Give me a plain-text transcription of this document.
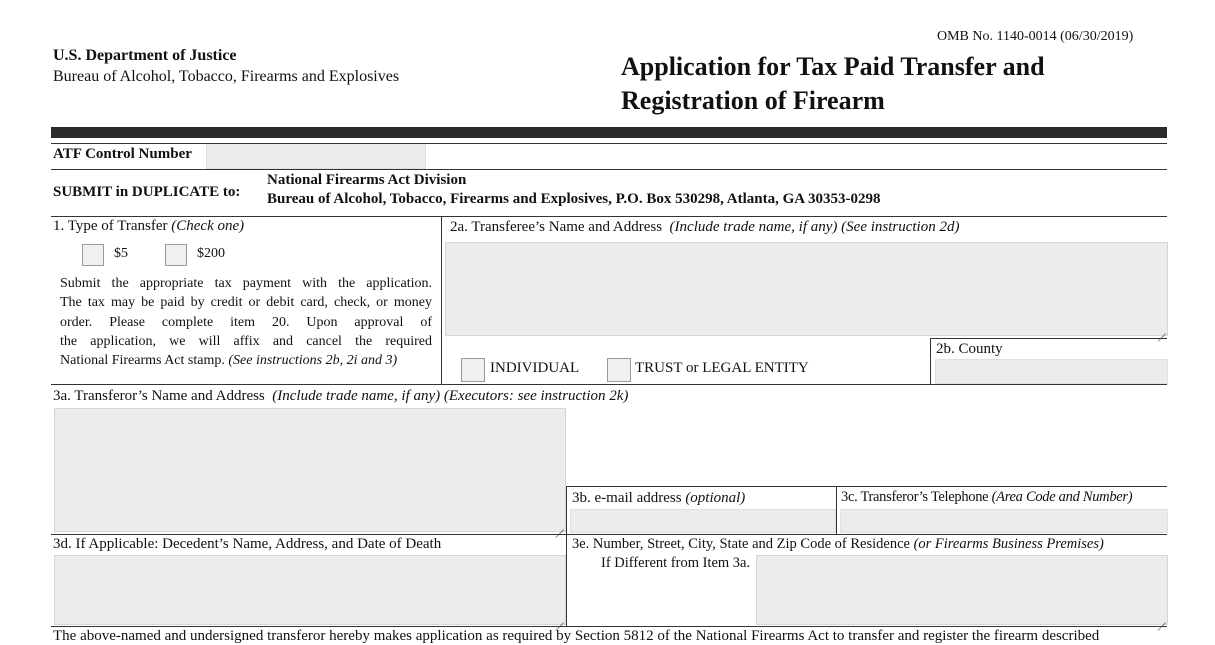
OMB No. 1140-0014 (06/30/2019)
U.S. Department of Justice
Bureau of Alcohol, Tobacco, Firearms and Explosives	Application for Tax Paid Transfer and
Registration of Firearm
ATF Control Number
SUBMIT in DUPLICATE to:
National Firearms Act Division
Bureau of Alcohol, Tobacco, Firearms and Explosives, P.O. Box 530298, Atlanta, GA 30353-0298
1. Type of Transfer (Check one)
$5	$200
Submit the appropriate tax payment with the application.
The tax may be paid by credit or debit card, check, or money
order. Please complete item 20. Upon approval of
the application, we will affix and cancel the required
National Firearms Act stamp. (See instructions 2b, 2i and 3)
2a. Transferee’s Name and Address (Include trade name, if any) (See instruction 2d)
INDIVIDUAL	TRUST or LEGAL ENTITY
2b. County
3a. Transferor’s Name and Address (Include trade name, if any) (Executors: see instruction 2k)
3b. e-mail address (optional)	3c. Transferor’s Telephone (Area Code and Number)
3d. If Applicable: Decedent’s Name, Address, and Date of Death	3e. Number, Street, City, State and Zip Code of Residence (or Firearms Business Premises)
If Different from Item 3a.
The above-named and undersigned transferor hereby makes application as required by Section 5812 of the National Firearms Act to transfer and register the firearm described
